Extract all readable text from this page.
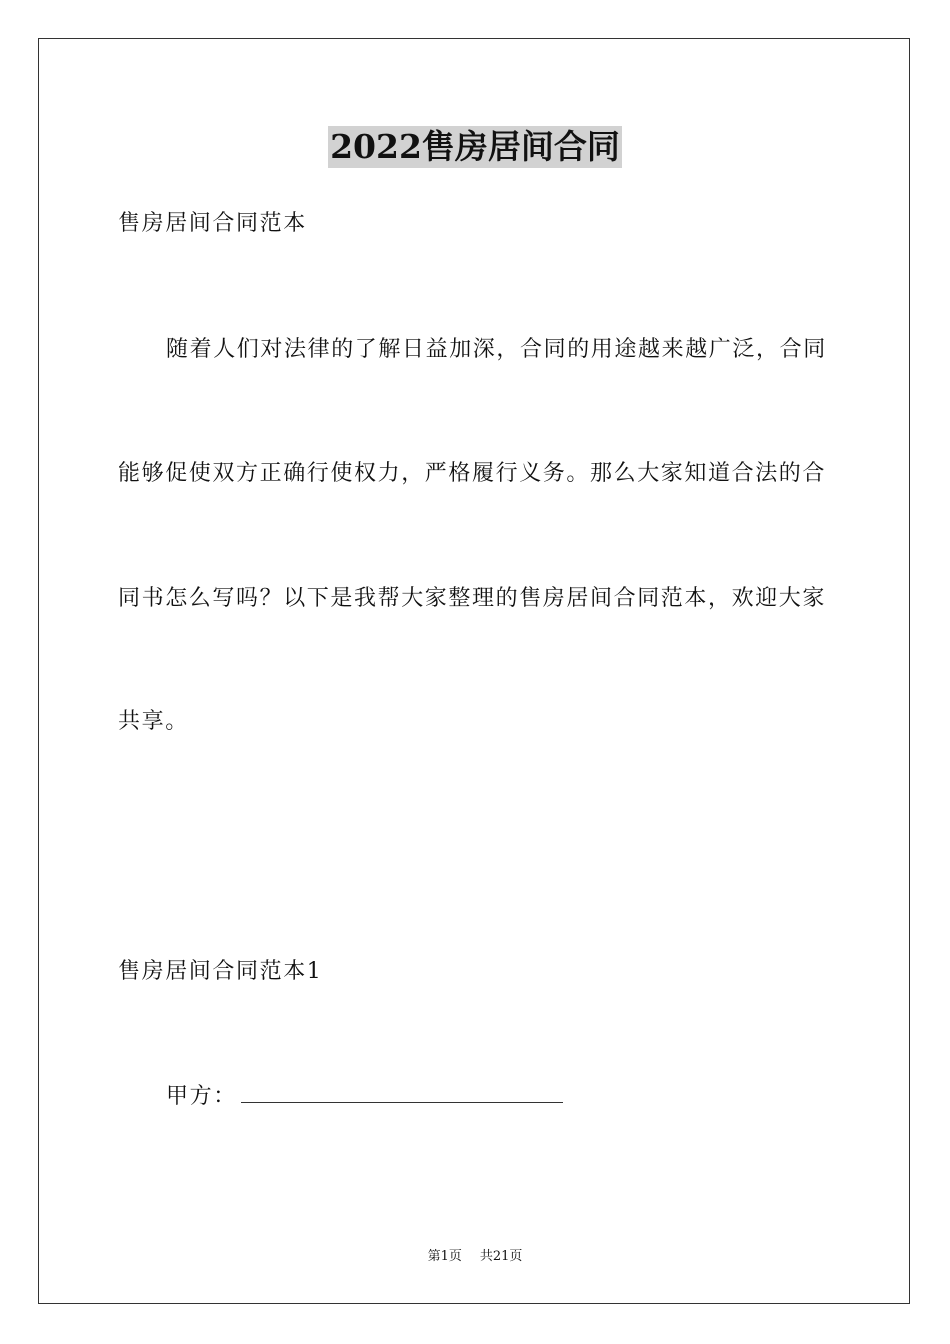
2022售房居间合同
售房居间合同范本
随着人们对法律的了解日益加深，合同的用途越来越广泛，合同
能够促使双方正确行使权力，严格履行义务。那么大家知道合法的合
同书怎么写吗？以下是我帮大家整理的售房居间合同范本，欢迎大家
共享。
售房居间合同范本1
甲方：
第1页 共21页
